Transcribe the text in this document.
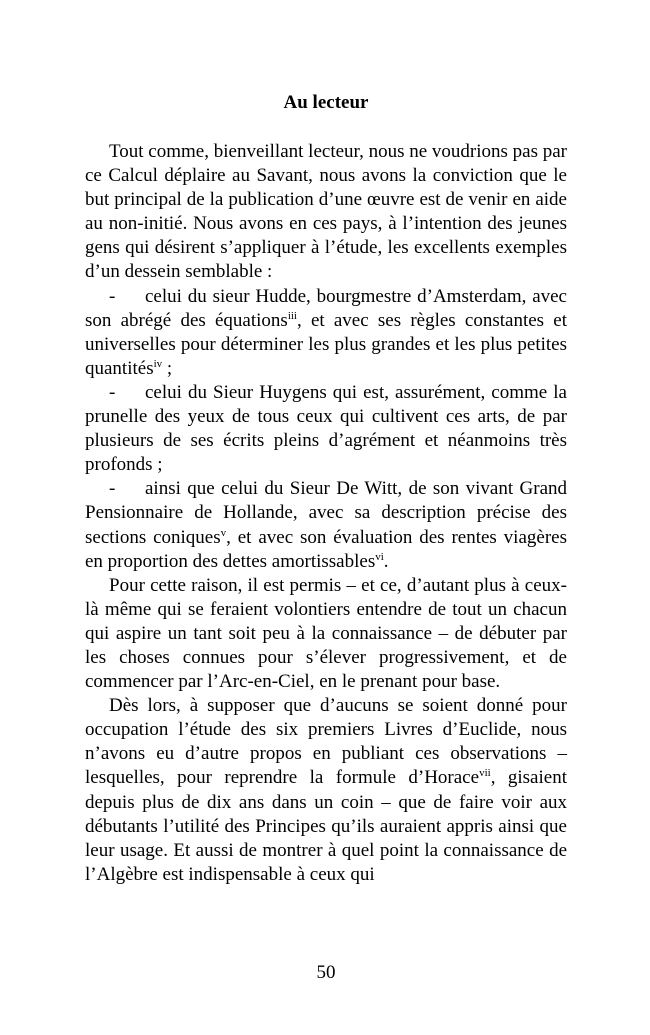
Au lecteur

Tout comme, bienveillant lecteur, nous ne voudrions pas par ce Calcul déplaire au Savant, nous avons la conviction que le but principal de la publication d’une œuvre est de venir en aide au non-initié. Nous avons en ces pays, à l’intention des jeunes gens qui désirent s’appliquer à l’étude, les excellents exemples d’un dessein semblable :

- celui du sieur Hudde, bourgmestre d’Amsterdam, avec son abrégé des équations$^{iii}$, et avec ses règles constantes et universelles pour déterminer les plus grandes et les plus petites quantités$^{iv}$ ;

- celui du Sieur Huygens qui est, assurément, comme la prunelle des yeux de tous ceux qui cultivent ces arts, de par plusieurs de ses écrits pleins d’agrément et néanmoins très profonds ;

- ainsi que celui du Sieur De Witt, de son vivant Grand Pensionnaire de Hollande, avec sa description précise des sections coniques$^v$, et avec son évaluation des rentes viagères en proportion des dettes amortissables$^{vi}$.

Pour cette raison, il est permis – et ce, d’autant plus à ceux-là même qui se feraient volontiers entendre de tout un chacun qui aspire un tant soit peu à la connaissance – de débuter par les choses connues pour s’élever progressivement, et de commencer par l’Arc-en-Ciel, en le prenant pour base.

Dès lors, à supposer que d’aucuns se soient donné pour occupation l’étude des six premiers Livres d’Euclide, nous n’avons eu d’autre propos en publiant ces observations – lesquelles, pour reprendre la formule d’Horace$^{vii}$, gisaient depuis plus de dix ans dans un coin – que de faire voir aux débutants l’utilité des Principes qu’ils auraient appris ainsi que leur usage. Et aussi de montrer à quel point la connaissance de l’Algèbre est indispensable à ceux qui

50
